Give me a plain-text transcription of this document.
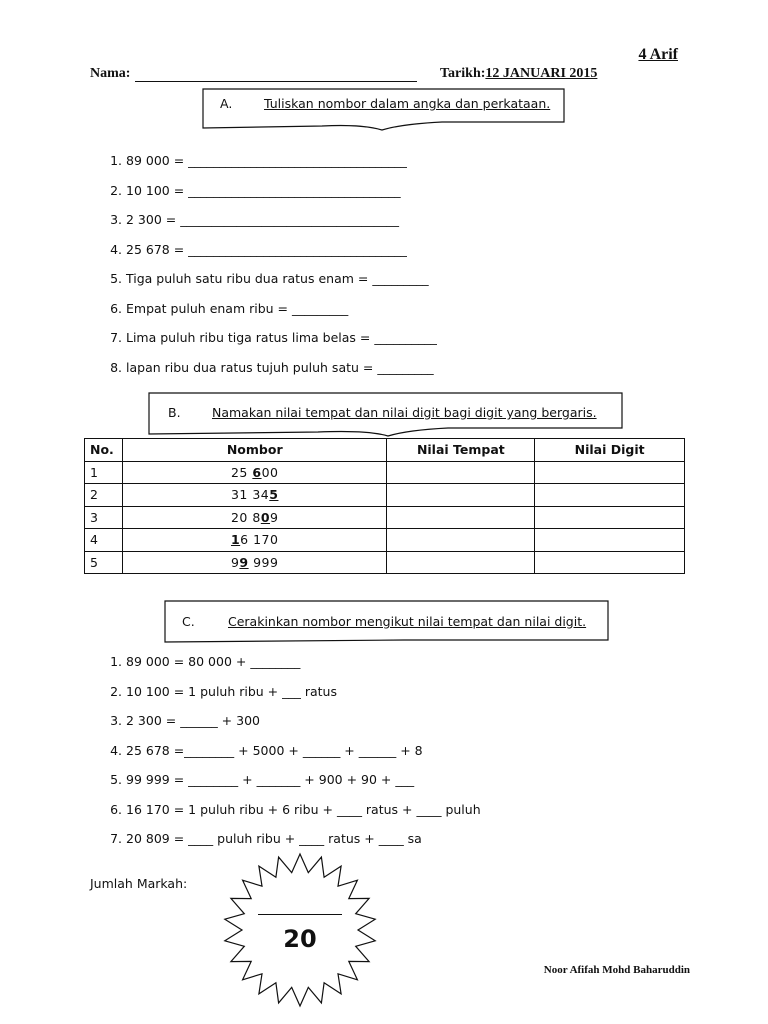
4 Arif
Nama:	Tarikh:12 JANUARI 2015
A.	Tuliskan nombor dalam angka dan perkataan.
1. 89 000 = ___________________________________
2. 10 100 = __________________________________
3. 2 300 = ___________________________________
4. 25 678 = ___________________________________
5. Tiga puluh satu ribu dua ratus enam = _________
6. Empat puluh enam ribu = _________
7. Lima puluh ribu tiga ratus lima belas = __________
8. lapan ribu dua ratus tujuh puluh satu = _________
B.	Namakan nilai tempat dan nilai digit bagi digit yang bergaris.
No.	Nombor	Nilai Tempat	Nilai Digit
1	25 600		
2	31 345		
3	20 809		
4	16 170		
5	99 999		
C.	Cerakinkan nombor mengikut nilai tempat dan nilai digit.
1. 89 000 = 80 000 + ________
2. 10 100 = 1 puluh ribu + ___ ratus
3. 2 300 = ______ + 300
4. 25 678 =________ + 5000 + ______ + ______ + 8
5. 99 999 = ________ + _______ + 900 + 90 + ___
6. 16 170 = 1 puluh ribu + 6 ribu + ____ ratus + ____ puluh
7. 20 809 = ____ puluh ribu + ____ ratus + ____ sa
Jumlah Markah:
20
Noor Afifah Mohd Baharuddin
